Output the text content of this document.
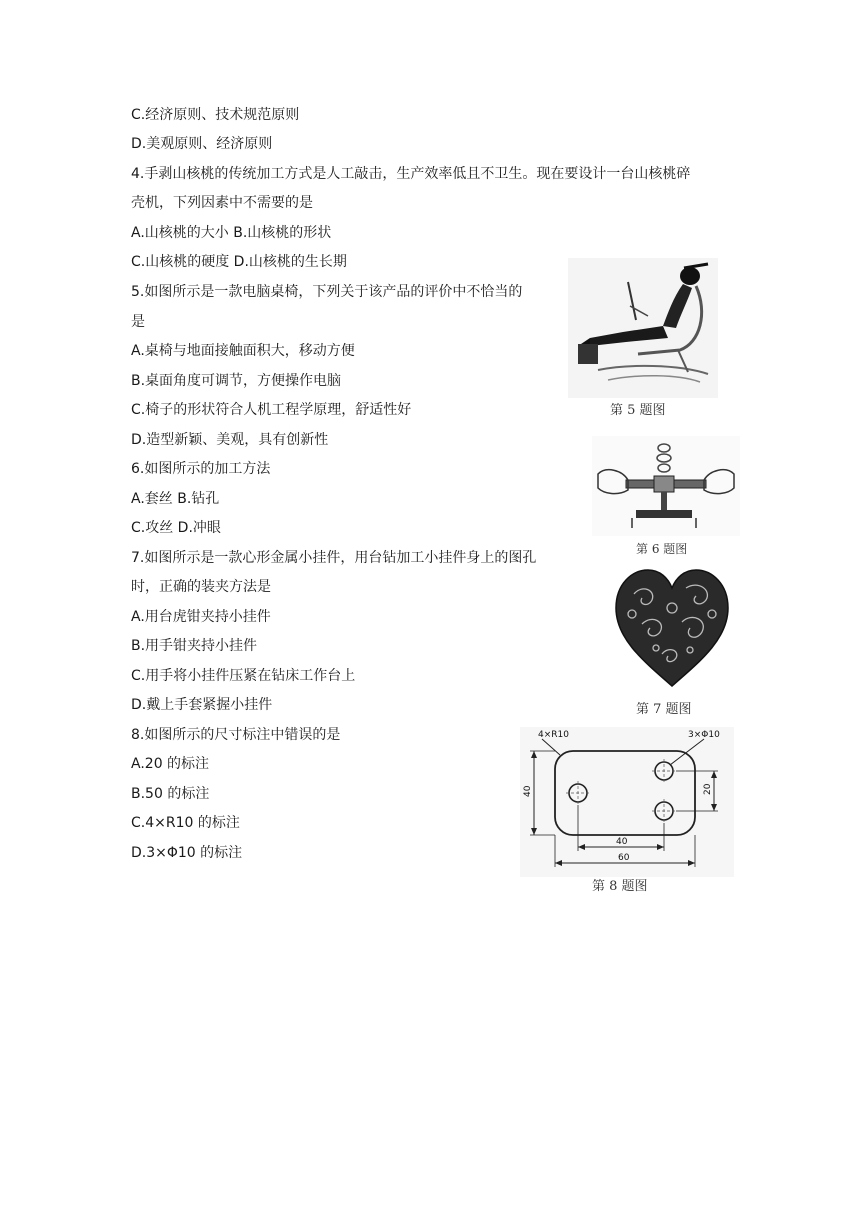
C.经济原则、技术规范原则
D.美观原则、经济原则
4.手剥山核桃的传统加工方式是人工敲击，生产效率低且不卫生。现在要设计一台山核桃碎
壳机，下列因素中不需要的是
A.山核桃的大小 B.山核桃的形状
C.山核桃的硬度 D.山核桃的生长期
5.如图所示是一款电脑桌椅，下列关于该产品的评价中不恰当的
是
A.桌椅与地面接触面积大，移动方便
B.桌面角度可调节，方便操作电脑
C.椅子的形状符合人机工程学原理，舒适性好
D.造型新颖、美观，具有创新性
6.如图所示的加工方法
A.套丝 B.钻孔
C.攻丝 D.冲眼
7.如图所示是一款心形金属小挂件，用台钻加工小挂件身上的图孔
时，正确的装夹方法是
A.用台虎钳夹持小挂件
B.用手钳夹持小挂件
C.用手将小挂件压紧在钻床工作台上
D.戴上手套紧握小挂件
8.如图所示的尺寸标注中错误的是
A.20 的标注
B.50 的标注
C.4×R10 的标注
D.3×Φ10 的标注
第 5 题图
第 6 题图
第 7 题图
4×R10	3×Φ10
40	20
40
60
第 8 题图
